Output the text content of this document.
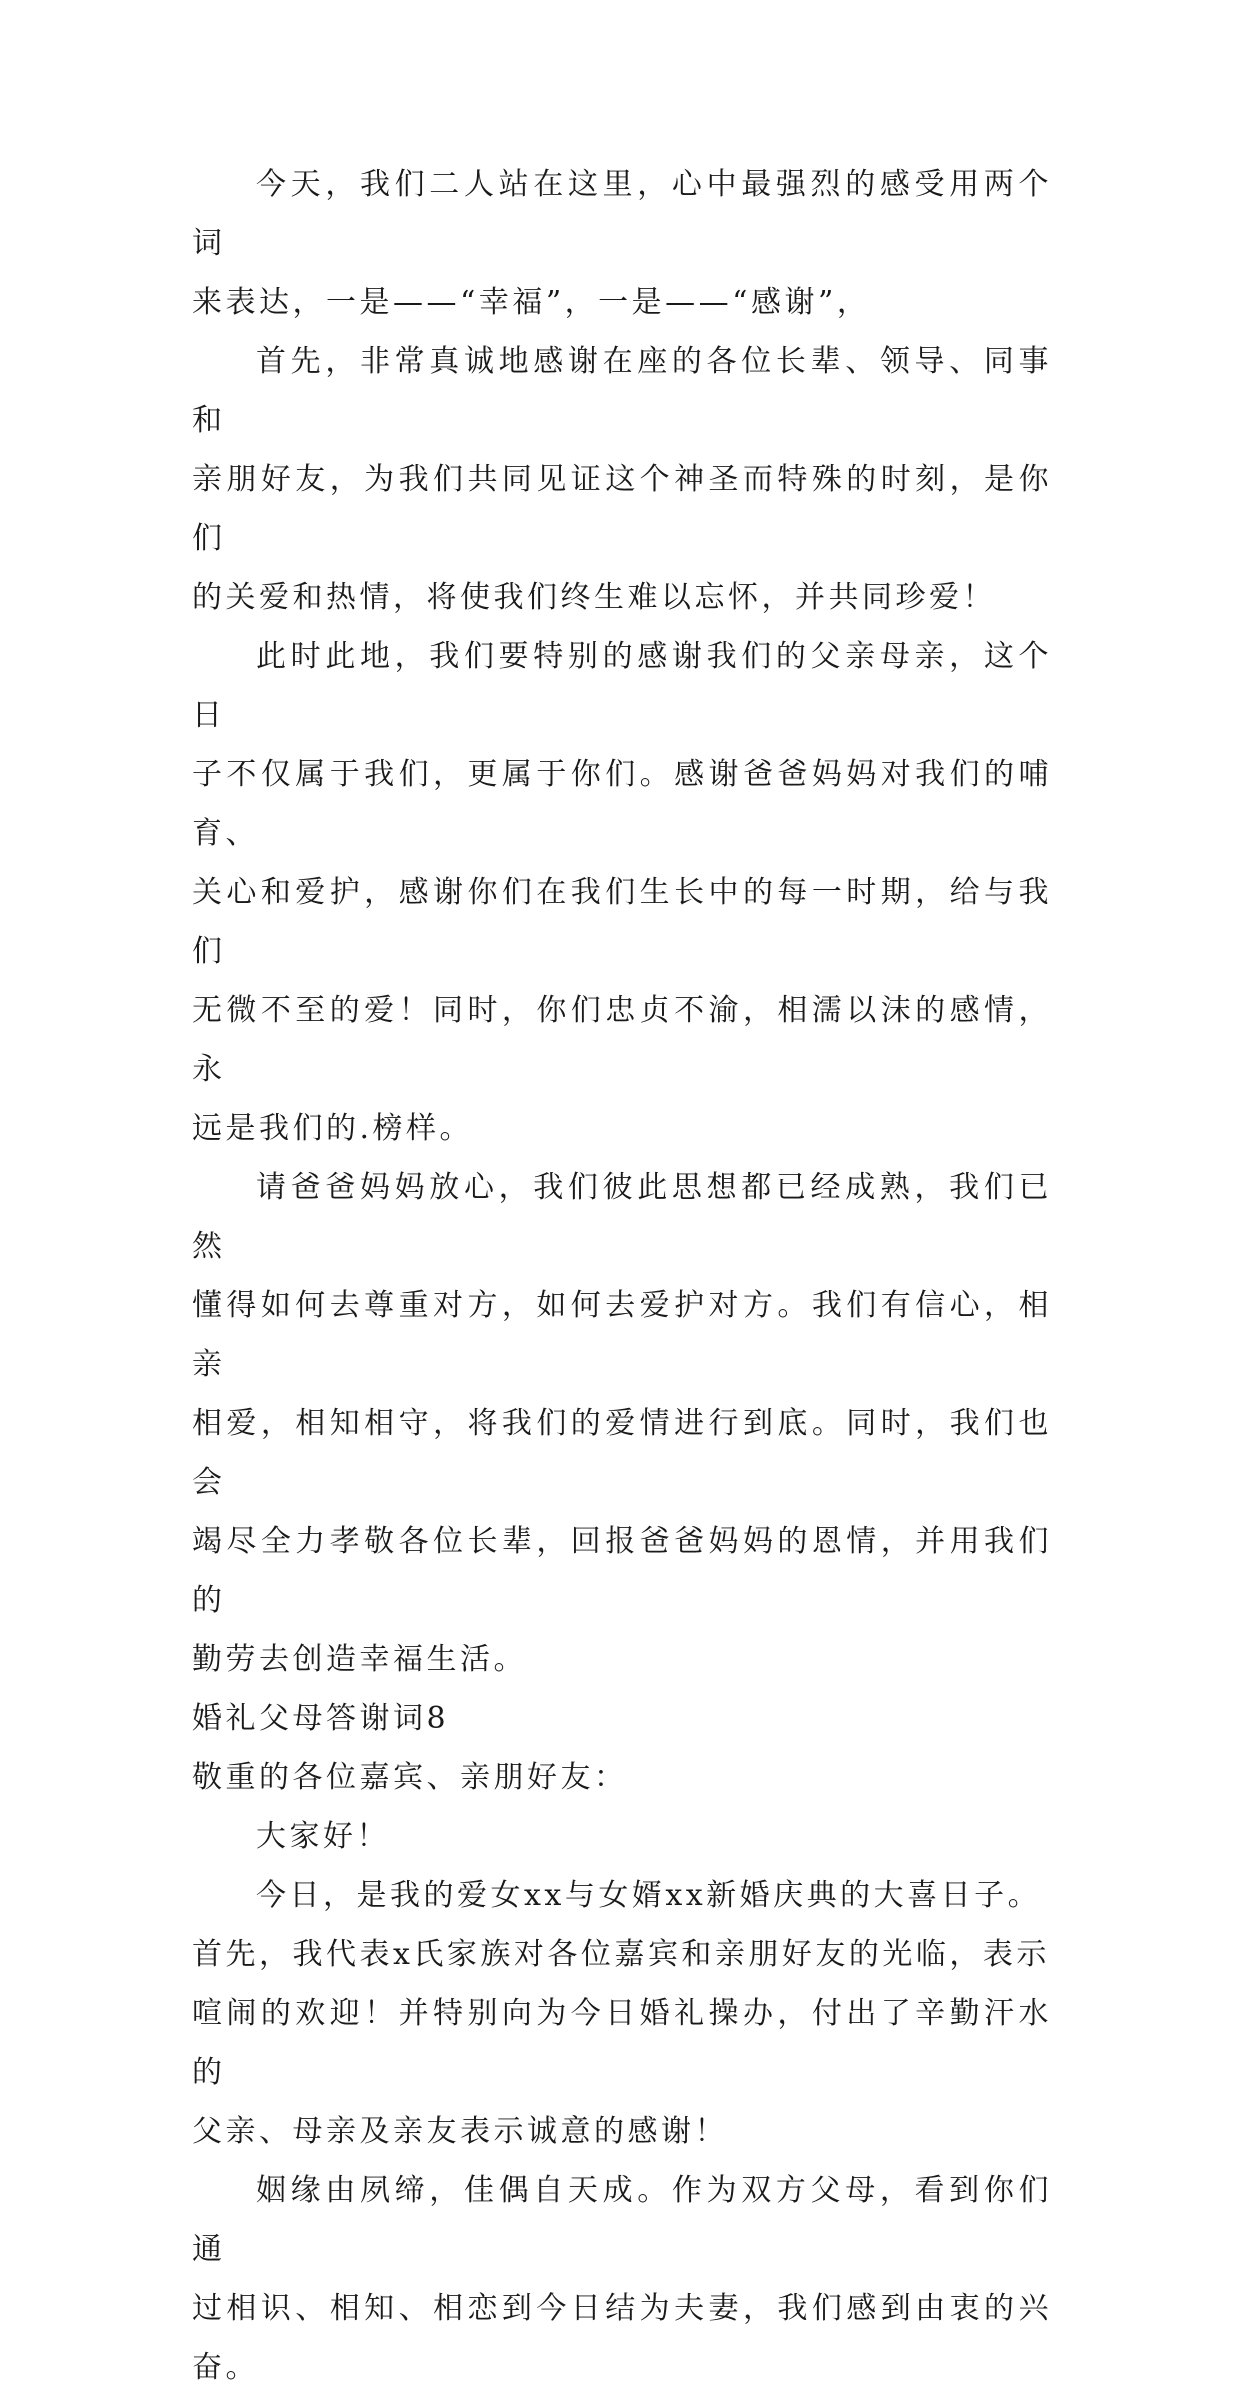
今天，我们二人站在这里，心中最强烈的感受用两个词
来表达，一是——“幸福”，一是——“感谢”，

首先，非常真诚地感谢在座的各位长辈、领导、同事和
亲朋好友，为我们共同见证这个神圣而特殊的时刻，是你们
的关爱和热情，将使我们终生难以忘怀，并共同珍爱！

此时此地，我们要特别的感谢我们的父亲母亲，这个日
子不仅属于我们，更属于你们。感谢爸爸妈妈对我们的哺育、
关心和爱护，感谢你们在我们生长中的每一时期，给与我们
无微不至的爱！同时，你们忠贞不渝，相濡以沫的感情，永
远是我们的.榜样。

请爸爸妈妈放心，我们彼此思想都已经成熟，我们已然
懂得如何去尊重对方，如何去爱护对方。我们有信心，相亲
相爱，相知相守，将我们的爱情进行到底。同时，我们也会
竭尽全力孝敬各位长辈，回报爸爸妈妈的恩情，并用我们的
勤劳去创造幸福生活。

婚礼父母答谢词8

敬重的各位嘉宾、亲朋好友：

大家好！

今日，是我的爱女xx与女婿xx新婚庆典的大喜日子。
首先，我代表x氏家族对各位嘉宾和亲朋好友的光临，表示
喧闹的欢迎！并特别向为今日婚礼操办，付出了辛勤汗水的
父亲、母亲及亲友表示诚意的感谢！

姻缘由夙缔，佳偶自天成。作为双方父母，看到你们通
过相识、相知、相恋到今日结为夫妻，我们感到由衷的兴奋。
